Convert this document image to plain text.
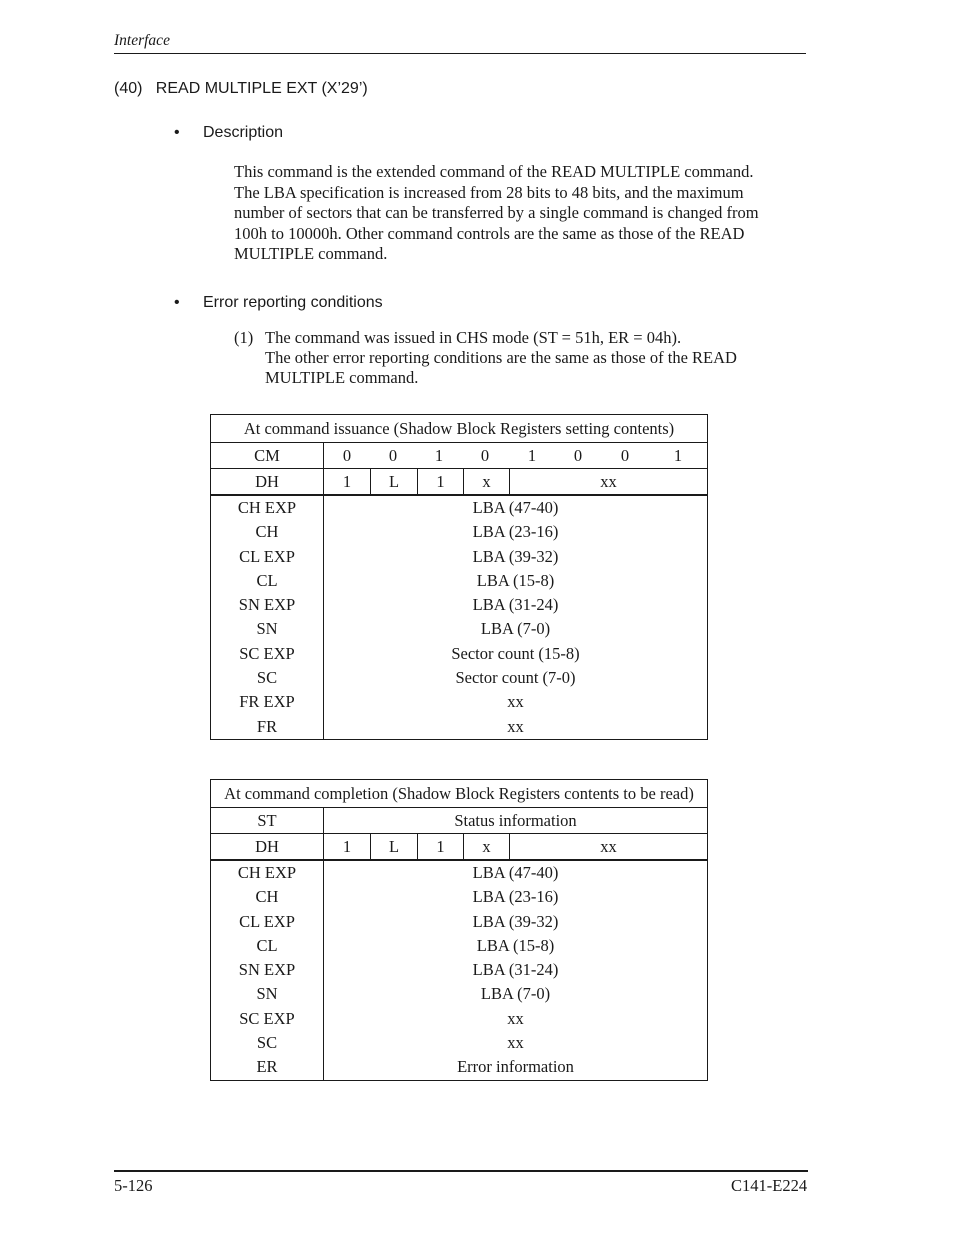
Interface
(40)   READ MULTIPLE EXT (X’29’)
• Description
This command is the extended command of the READ MULTIPLE command.
The LBA specification is increased from 28 bits to 48 bits, and the maximum
number of sectors that can be transferred by a single command is changed from
100h to 10000h. Other command controls are the same as those of the READ
MULTIPLE command.
• Error reporting conditions
(1) The command was issued in CHS mode (ST = 51h, ER = 04h).
The other error reporting conditions are the same as those of the READ
MULTIPLE command.
At command issuance (Shadow Block Registers setting contents)
CM	0	0	1	0	1	0	0	1
DH	1	L	1	x	xx
CH EXP	LBA (47-40)
CH	LBA (23-16)
CL EXP	LBA (39-32)
CL	LBA (15-8)
SN EXP	LBA (31-24)
SN	LBA (7-0)
SC EXP	Sector count (15-8)
SC	Sector count (7-0)
FR EXP	xx
FR	xx
At command completion (Shadow Block Registers contents to be read)
ST	Status information
DH	1	L	1	x	xx
CH EXP	LBA (47-40)
CH	LBA (23-16)
CL EXP	LBA (39-32)
CL	LBA (15-8)
SN EXP	LBA (31-24)
SN	LBA (7-0)
SC EXP	xx
SC	xx
ER	Error information
5-126	C141-E224
